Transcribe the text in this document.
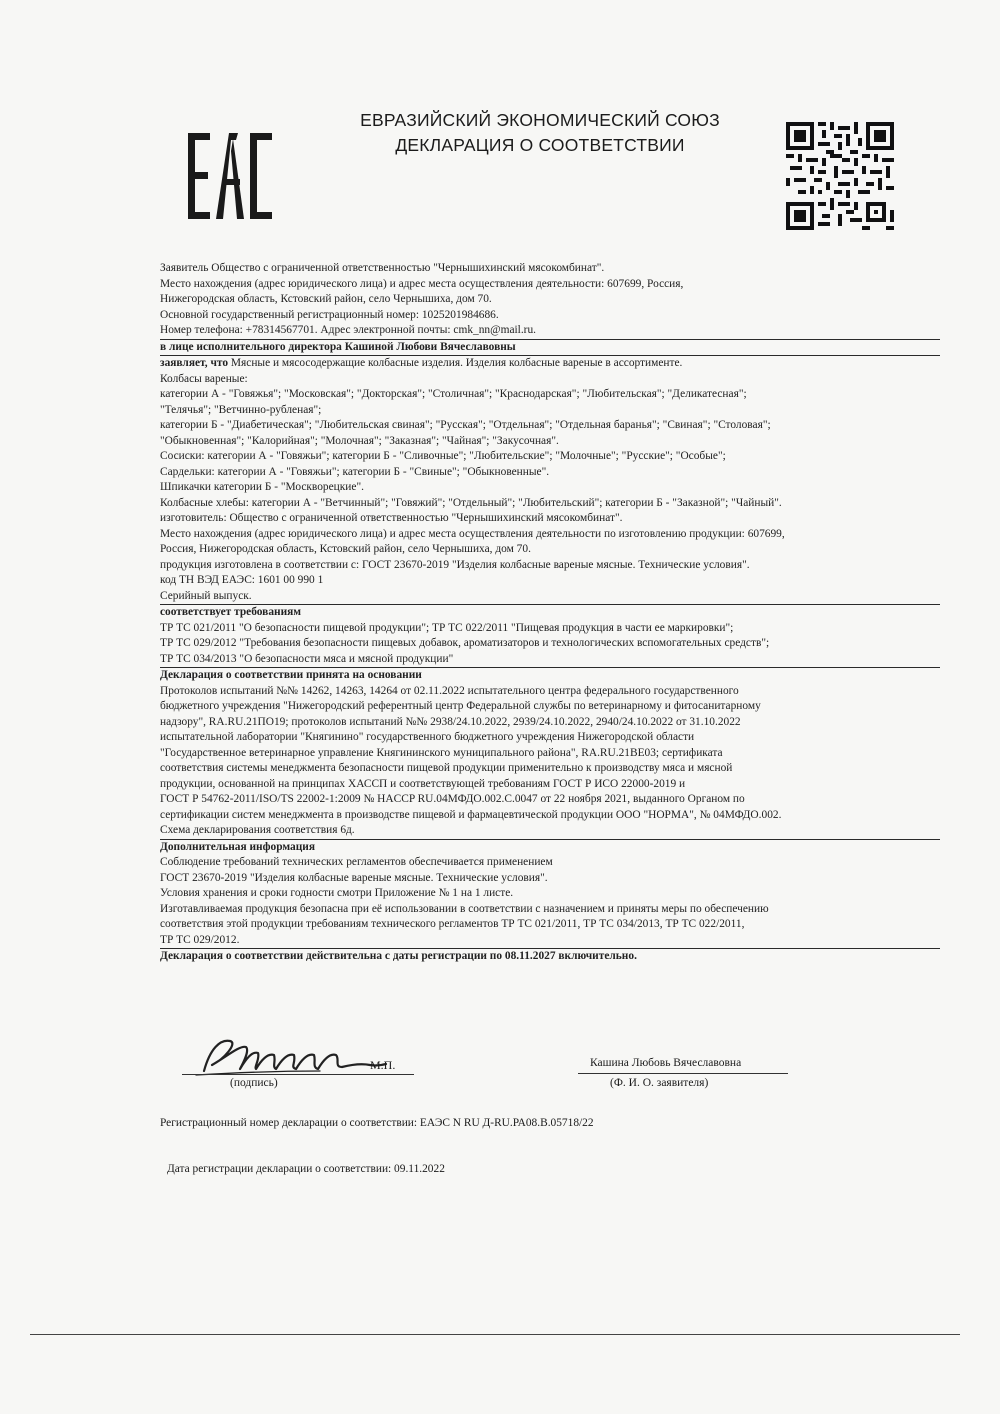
ЕВРАЗИЙСКИЙ ЭКОНОМИЧЕСКИЙ СОЮЗ
ДЕКЛАРАЦИЯ О СООТВЕТСТВИИ
Заявитель Общество с ограниченной ответственностью "Чернышихинский мясокомбинат".
Место нахождения (адрес юридического лица) и адрес места осуществления деятельности: 607699, Россия,
Нижегородская область, Кстовский район, село Чернышиха, дом 70.
Основной государственный регистрационный номер: 1025201984686.
Номер телефона: +78314567701. Адрес электронной почты: cmk_nn@mail.ru.
в лице исполнительного директора Кашиной Любови Вячеславовны
заявляет, что Мясные и мясосодержащие колбасные изделия. Изделия колбасные вареные в ассортименте.
Колбасы вареные:
категории А - "Говяжья"; "Московская"; "Докторская"; "Столичная"; "Краснодарская"; "Любительская"; "Деликатесная";
"Телячья"; "Ветчинно-рубленая";
категории Б - "Диабетическая"; "Любительская свиная"; "Русская"; "Отдельная"; "Отдельная баранья"; "Свиная"; "Столовая";
"Обыкновенная"; "Калорийная"; "Молочная"; "Заказная"; "Чайная"; "Закусочная".
Сосиски: категории А - "Говяжьи"; категории Б - "Сливочные"; "Любительские"; "Молочные"; "Русские"; "Особые";
Сардельки: категории А - "Говяжьи"; категории Б - "Свиные"; "Обыкновенные".
Шпикачки категории Б - "Москворецкие".
Колбасные хлебы: категории А - "Ветчинный"; "Говяжий"; "Отдельный"; "Любительский"; категории Б - "Заказной"; "Чайный".
изготовитель: Общество с ограниченной ответственностью "Чернышихинский мясокомбинат".
Место нахождения (адрес юридического лица) и адрес места осуществления деятельности по изготовлению продукции: 607699,
Россия, Нижегородская область, Кстовский район, село Чернышиха, дом 70.
продукция изготовлена в соответствии с: ГОСТ 23670-2019 "Изделия колбасные вареные мясные. Технические условия".
код ТН ВЭД ЕАЭС: 1601 00 990 1
Серийный выпуск.
соответствует требованиям
ТР ТС 021/2011 "О безопасности пищевой продукции"; ТР ТС 022/2011 "Пищевая продукция в части ее маркировки";
ТР ТС 029/2012 "Требования безопасности пищевых добавок, ароматизаторов и технологических вспомогательных средств";
ТР ТС 034/2013 "О безопасности мяса и мясной продукции"
Декларация о соответствии принята на основании
Протоколов испытаний №№ 14262, 14263, 14264 от 02.11.2022 испытательного центра федерального государственного
бюджетного учреждения "Нижегородский референтный центр Федеральной службы по ветеринарному и фитосанитарному
надзору", RA.RU.21ПО19; протоколов испытаний №№ 2938/24.10.2022, 2939/24.10.2022, 2940/24.10.2022 от 31.10.2022
испытательной лаборатории "Княгинино" государственного бюджетного учреждения Нижегородской области
"Государственное ветеринарное управление Княгининского муниципального района", RA.RU.21ВЕ03; сертификата
соответствия системы менеджмента безопасности пищевой продукции применительно к производству мяса и мясной
продукции, основанной на принципах ХАССП и соответствующей требованиям ГОСТ Р ИСО 22000-2019 и
ГОСТ Р 54762-2011/ISO/TS 22002-1:2009 № HACCP RU.04МФДО.002.С.0047 от 22 ноября 2021, выданного Органом по
сертификации систем менеджмента в производстве пищевой и фармацевтической продукции ООО "НОРМА", № 04МФДО.002.
Схема декларирования соответствия 6д.
Дополнительная информация
Соблюдение требований технических регламентов обеспечивается применением
ГОСТ 23670-2019 "Изделия колбасные вареные мясные. Технические условия".
Условия хранения и сроки годности смотри Приложение № 1 на 1 листе.
Изготавливаемая продукция безопасна при её использовании в соответствии с назначением и приняты меры по обеспечению
соответствия этой продукции требованиям технического регламентов ТР ТС 021/2011, ТР ТС 034/2013, ТР ТС 022/2011,
ТР ТС 029/2012.
Декларация о соответствии действительна с даты регистрации по 08.11.2027 включительно.
М.П.
(подпись)
Кашина Любовь Вячеславовна
(Ф. И. О. заявителя)
Регистрационный номер декларации о соответствии: ЕАЭС N RU Д-RU.РА08.В.05718/22
Дата регистрации декларации о соответствии: 09.11.2022
